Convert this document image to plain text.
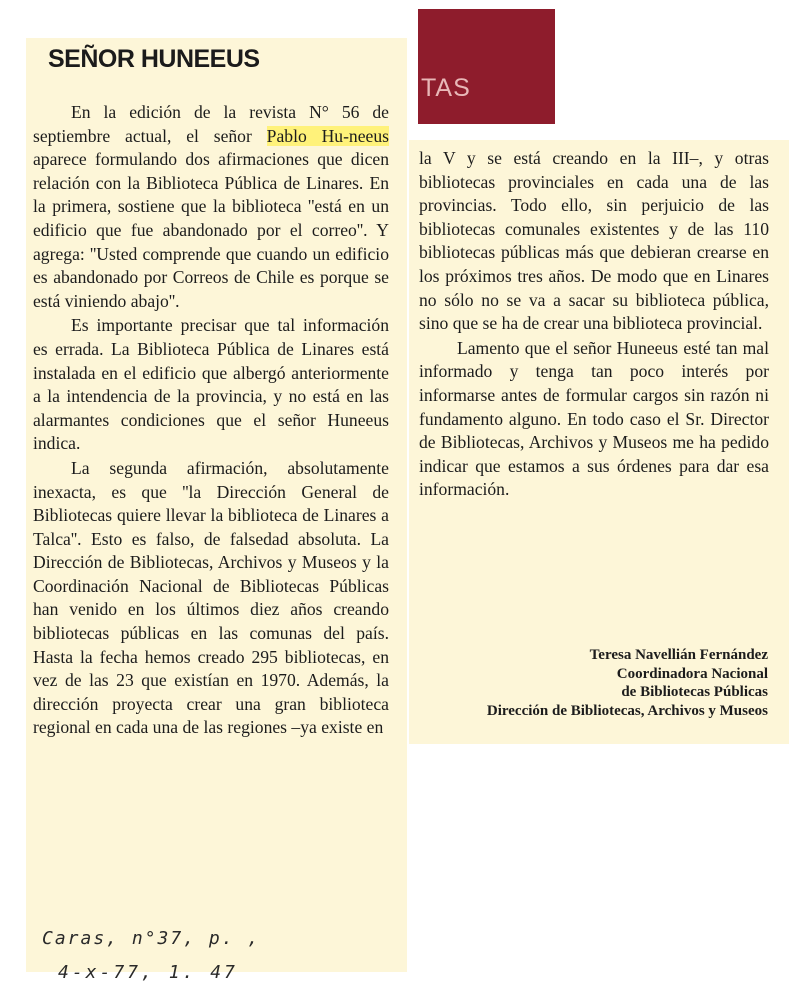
TAS
SEÑOR HUNEEUS

En la edición de la revista N° 56 de septiembre actual, el señor Pablo Hu-neeus aparece formulando dos afirmaciones que dicen relación con la Biblioteca Pública de Linares. En la primera, sostiene que la biblioteca ''está en un edificio que fue abandonado por el correo''. Y agrega: ''Usted comprende que cuando un edificio es abandonado por Correos de Chile es porque se está viniendo abajo''.

Es importante precisar que tal información es errada. La Biblioteca Pública de Linares está instalada en el edificio que albergó anteriormente a la intendencia de la provincia, y no está en las alarmantes condiciones que el señor Huneeus indica.

La segunda afirmación, absolutamente inexacta, es que ''la Dirección General de Bibliotecas quiere llevar la biblioteca de Linares a Talca''. Esto es falso, de falsedad absoluta. La Dirección de Bibliotecas, Archivos y Museos y la Coordinación Nacional de Bibliotecas Públicas han venido en los últimos diez años creando bibliotecas públicas en las comunas del país. Hasta la fecha hemos creado 295 bibliotecas, en vez de las 23 que existían en 1970. Además, la dirección proyecta crear una gran biblioteca regional en cada una de las regiones –ya existe en

la V y se está creando en la III–, y otras bibliotecas provinciales en cada una de las provincias. Todo ello, sin perjuicio de las bibliotecas comunales existentes y de las 110 bibliotecas públicas más que debieran crearse en los próximos tres años. De modo que en Linares no sólo no se va a sacar su biblioteca pública, sino que se ha de crear una biblioteca provincial.

Lamento que el señor Huneeus esté tan mal informado y tenga tan poco interés por informarse antes de formular cargos sin razón ni fundamento alguno. En todo caso el Sr. Director de Bibliotecas, Archivos y Museos me ha pedido indicar que estamos a sus órdenes para dar esa información.

Teresa Navellián Fernández
Coordinadora Nacional
de Bibliotecas Públicas
Dirección de Bibliotecas, Archivos y Museos
Caras, n°37, p. ,
4-x-77, 1. 47
